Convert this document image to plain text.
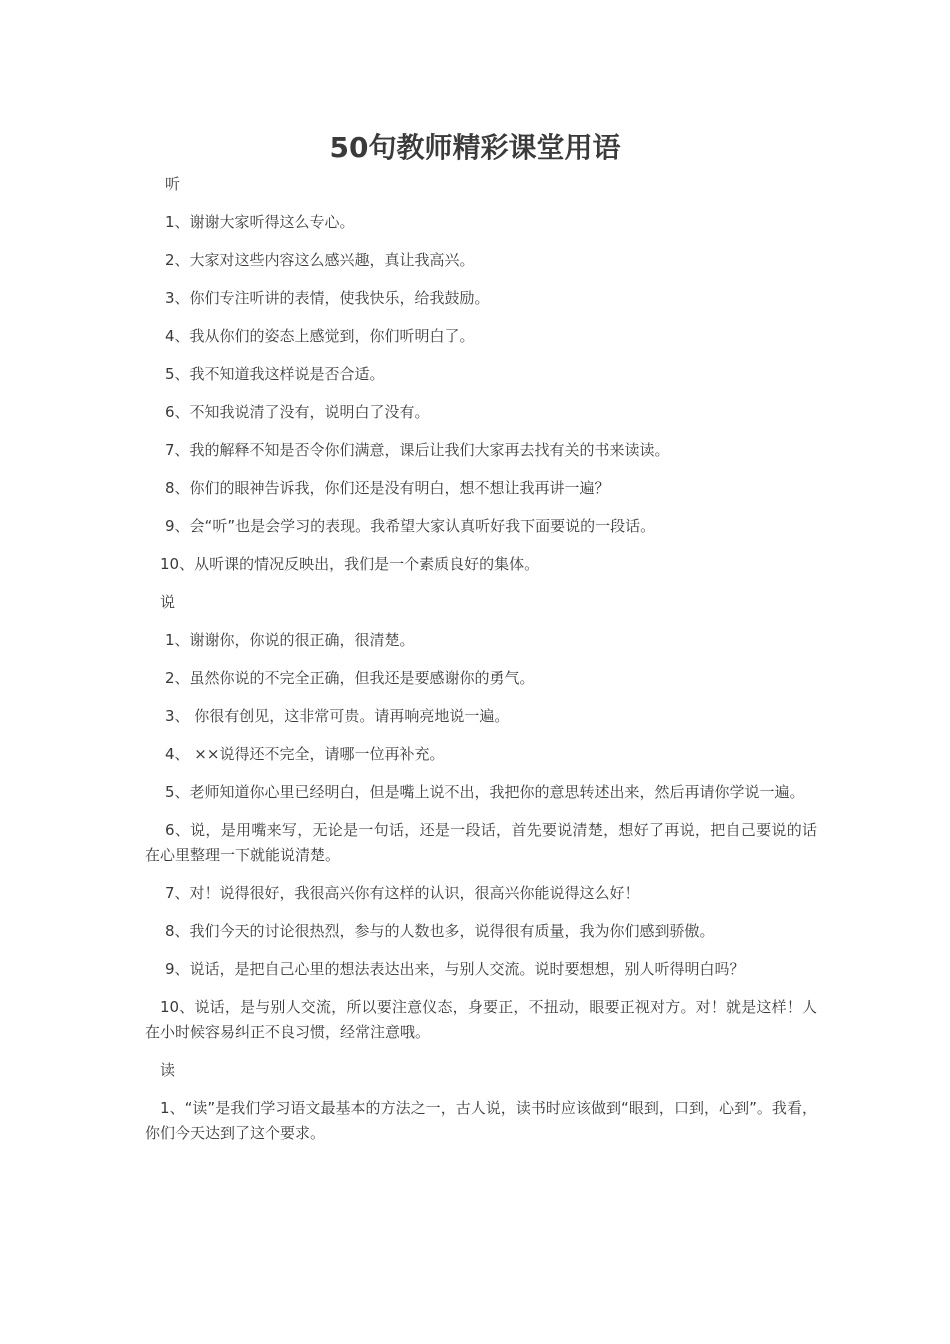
50句教师精彩课堂用语

听

1、谢谢大家听得这么专心。

2、大家对这些内容这么感兴趣，真让我高兴。

3、你们专注听讲的表情，使我快乐，给我鼓励。

4、我从你们的姿态上感觉到，你们听明白了。

5、我不知道我这样说是否合适。

6、不知我说清了没有，说明白了没有。

7、我的解释不知是否令你们满意，课后让我们大家再去找有关的书来读读。

8、你们的眼神告诉我，你们还是没有明白，想不想让我再讲一遍？

9、会“听”也是会学习的表现。我希望大家认真听好我下面要说的一段话。

10、从听课的情况反映出，我们是一个素质良好的集体。

说

1、谢谢你，你说的很正确，很清楚。

2、虽然你说的不完全正确，但我还是要感谢你的勇气。

3、 你很有创见，这非常可贵。请再响亮地说一遍。

4、 ××说得还不完全，请哪一位再补充。

5、老师知道你心里已经明白，但是嘴上说不出，我把你的意思转述出来，然后再请你学说一遍。

6、说，是用嘴来写，无论是一句话，还是一段话，首先要说清楚，想好了再说，把自己要说的话在心里整理一下就能说清楚。

7、对！说得很好，我很高兴你有这样的认识，很高兴你能说得这么好！

8、我们今天的讨论很热烈，参与的人数也多，说得很有质量，我为你们感到骄傲。

9、说话，是把自己心里的想法表达出来，与别人交流。说时要想想，别人听得明白吗？

10、说话，是与别人交流，所以要注意仪态，身要正，不扭动，眼要正视对方。对！就是这样！人在小时候容易纠正不良习惯，经常注意哦。

读

1、“读”是我们学习语文最基本的方法之一，古人说，读书时应该做到“眼到，口到，心到”。我看，你们今天达到了这个要求。
